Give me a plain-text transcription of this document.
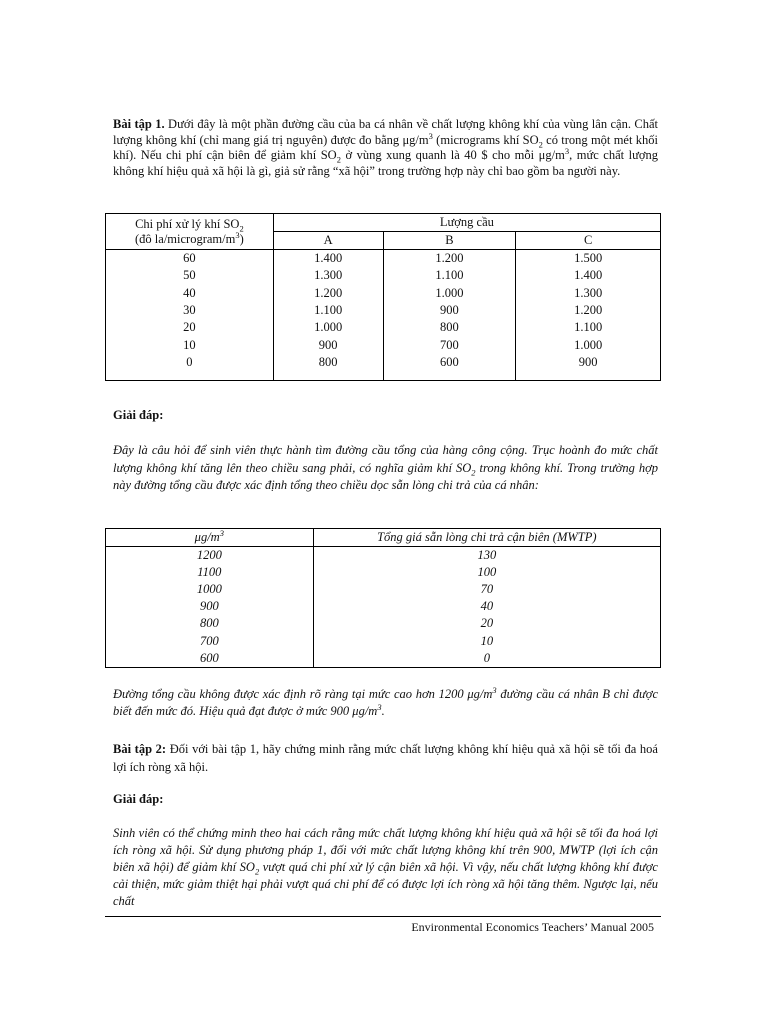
Bài tập 1. Dưới đây là một phần đường cầu của ba cá nhân về chất lượng không khí của vùng lân cận. Chất lượng không khí (chỉ mang giá trị nguyên) được đo bằng $\mu g/m^3$ (micrograms khí $SO_2$ có trong một mét khối khí). Nếu chi phí cận biên để giảm khí $SO_2$ ở vùng xung quanh là 40 $ cho mỗi $\mu g/m^3$, mức chất lượng không khí hiệu quả xã hội là gì, giả sử rằng “xã hội” trong trường hợp này chỉ bao gồm ba người này.
Chi phí xử lý khí $SO_2$
(đô $la/microgram/m^3$)	Lượng cầu		
	A	B	C
60	1.400	1.200	1.500
50	1.300	1.100	1.400
40	1.200	1.000	1.300
30	1.100	900	1.200
20	1.000	800	1.100
10	900	700	1.000
0	800	600	900
Giải đáp:
Đây là câu hỏi để sinh viên thực hành tìm đường cầu tổng của hàng công cộng. Trục hoành đo mức chất lượng không khí tăng lên theo chiều sang phải, có nghĩa giảm khí $SO_2$ trong không khí. Trong trường hợp này đường tổng cầu được xác định tổng theo chiều dọc sẵn lòng chi trả của cá nhân:
$\mu g/m^3$	Tổng giá sẵn lòng chi trả cận biên (MWTP)
1200	130
1100	100
1000	70
900	40
800	20
700	10
600	0
Đường tổng cầu không được xác định rõ ràng tại mức cao hơn 1200 $\mu g/m^3$ đường cầu cá nhân B chỉ được biết đến mức đó. Hiệu quả đạt được ở mức 900 $\mu g/m^3$.
Bài tập 2: Đối với bài tập 1, hãy chứng minh rằng mức chất lượng không khí hiệu quả xã hội sẽ tối đa hoá lợi ích ròng xã hội.
Giải đáp:
Sinh viên có thể chứng minh theo hai cách rằng mức chất lượng không khí hiệu quả xã hội sẽ tối đa hoá lợi ích ròng xã hội. Sử dụng phương pháp 1, đối với mức chất lượng không khí trên 900, MWTP (lợi ích cận biên xã hội) để giảm khí $SO_2$ vượt quá chi phí xử lý cận biên xã hội. Vì vậy, nếu chất lượng không khí được cải thiện, mức giảm thiệt hại phải vượt quá chi phí để có được lợi ích ròng xã hội tăng thêm. Ngược lại, nếu chất
Environmental Economics Teachers’ Manual 2005
